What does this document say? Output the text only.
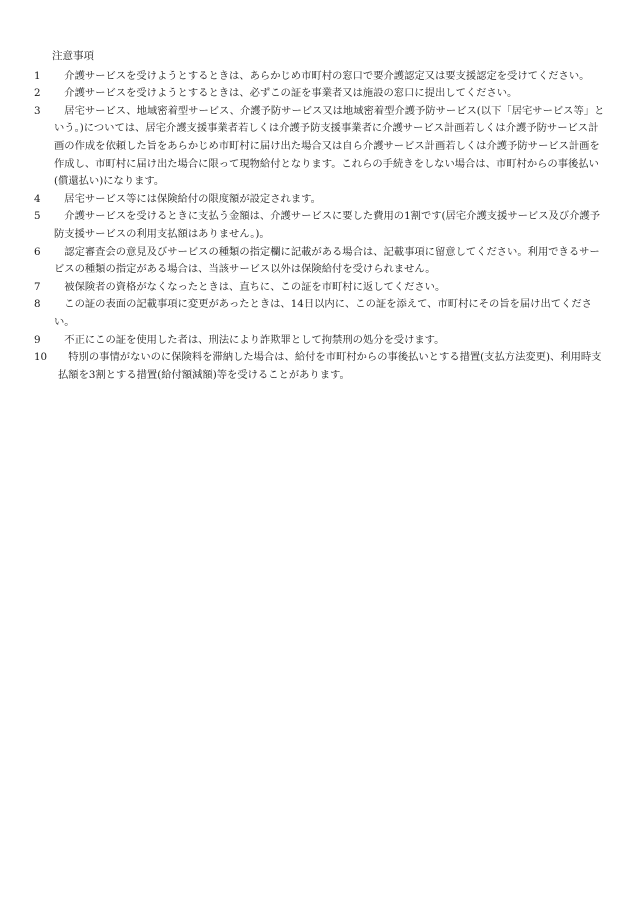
注意事項
1	介護サービスを受けようとするときは、あらかじめ市町村の窓口で要介護認定又は要支援認定を受けてください。
2	介護サービスを受けようとするときは、必ずこの証を事業者又は施設の窓口に提出してください。
3	居宅サービス、地域密着型サービス、介護予防サービス又は地域密着型介護予防サービス(以下「居宅サービス等」という。)については、居宅介護支援事業者若しくは介護予防支援事業者に介護サービス計画若しくは介護予防サービス計画の作成を依頼した旨をあらかじめ市町村に届け出た場合又は自ら介護サービス計画若しくは介護予防サービス計画を作成し、市町村に届け出た場合に限って現物給付となります。これらの手続きをしない場合は、市町村からの事後払い(償還払い)になります。
4	居宅サービス等には保険給付の限度額が設定されます。
5	介護サービスを受けるときに支払う金額は、介護サービスに要した費用の1割です(居宅介護支援サービス及び介護予防支援サービスの利用支払額はありません。)。
6	認定審査会の意見及びサービスの種類の指定欄に記載がある場合は、記載事項に留意してください。利用できるサービスの種類の指定がある場合は、当該サービス以外は保険給付を受けられません。
7	被保険者の資格がなくなったときは、直ちに、この証を市町村に返してください。
8	この証の表面の記載事項に変更があったときは、14日以内に、この証を添えて、市町村にその旨を届け出てください。
9	不正にこの証を使用した者は、刑法により詐欺罪として拘禁刑の処分を受けます。
10	特別の事情がないのに保険料を滞納した場合は、給付を市町村からの事後払いとする措置(支払方法変更)、利用時支払額を3割とする措置(給付額減額)等を受けることがあります。
